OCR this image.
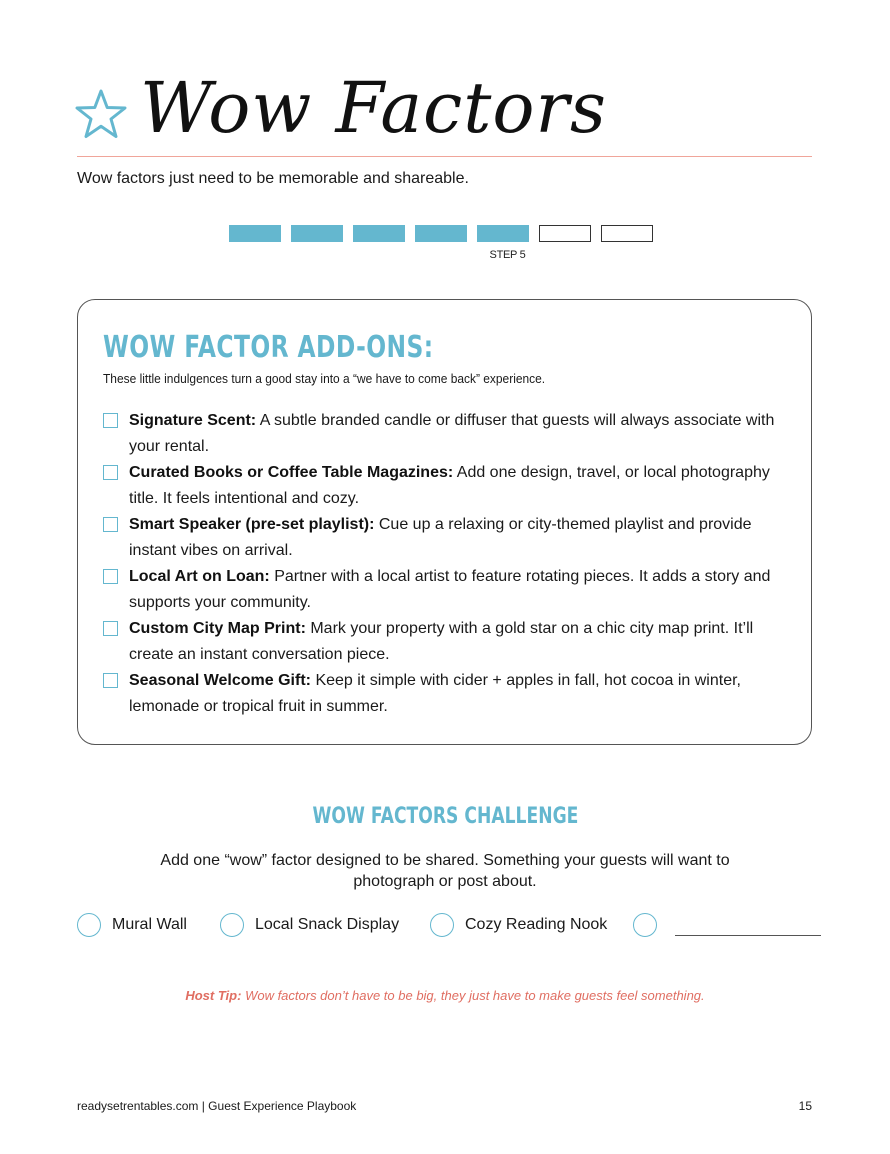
Wow Factors
Wow factors just need to be memorable and shareable.
STEP 5
WOW FACTOR ADD-ONS:
These little indulgences turn a good stay into a “we have to come back” experience.

Signature Scent: A subtle branded candle or diffuser that guests will always associate with your rental.

Curated Books or Coffee Table Magazines: Add one design, travel, or local photography title. It feels intentional and cozy.

Smart Speaker (pre-set playlist): Cue up a relaxing or city-themed playlist and provide instant vibes on arrival.

Local Art on Loan: Partner with a local artist to feature rotating pieces. It adds a story and supports your community.

Custom City Map Print: Mark your property with a gold star on a chic city map print. It’ll create an instant conversation piece.

Seasonal Welcome Gift: Keep it simple with cider + apples in fall, hot cocoa in winter, lemonade or tropical fruit in summer.

WOW FACTORS CHALLENGE
Add one “wow” factor designed to be shared. Something your guests will want to photograph or post about.
Mural Wall	Local Snack Display	Cozy Reading Nook
Host Tip: Wow factors don’t have to be big, they just have to make guests feel something.
readysetrentables.com | Guest Experience Playbook	15
